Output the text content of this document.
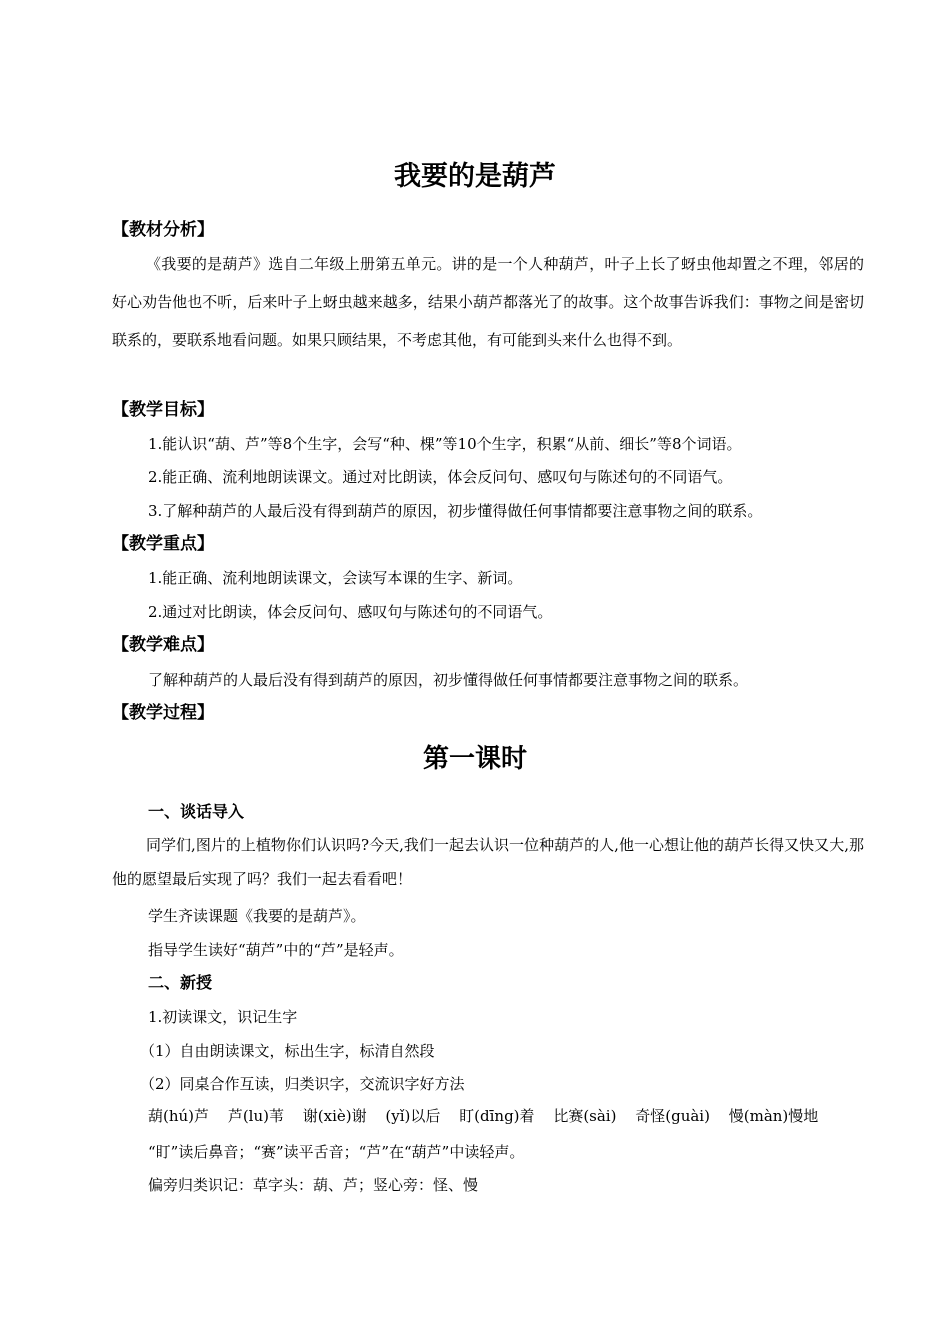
我要的是葫芦
【教材分析】
《我要的是葫芦》选自二年级上册第五单元。讲的是一个人种葫芦，叶子上长了蚜虫他却置之不理，邻居的好心劝告他也不听，后来叶子上蚜虫越来越多，结果小葫芦都落光了的故事。这个故事告诉我们：事物之间是密切联系的，要联系地看问题。如果只顾结果，不考虑其他，有可能到头来什么也得不到。
【教学目标】
1.能认识“葫、芦”等8个生字，会写“种、棵”等10个生字，积累“从前、细长”等8个词语。
2.能正确、流利地朗读课文。通过对比朗读，体会反问句、感叹句与陈述句的不同语气。
3.了解种葫芦的人最后没有得到葫芦的原因，初步懂得做任何事情都要注意事物之间的联系。
【教学重点】
1.能正确、流利地朗读课文，会读写本课的生字、新词。
2.通过对比朗读，体会反问句、感叹句与陈述句的不同语气。
【教学难点】
了解种葫芦的人最后没有得到葫芦的原因，初步懂得做任何事情都要注意事物之间的联系。
【教学过程】
第一课时
一、谈话导入
同学们,图片的上植物你们认识吗?今天,我们一起去认识一位种葫芦的人,他一心想让他的葫芦长得又快又大,那他的愿望最后实现了吗？我们一起去看看吧！
学生齐读课题《我要的是葫芦》。
指导学生读好“葫芦”中的“芦”是轻声。
二、新授
1.初读课文，识记生字
（1）自由朗读课文，标出生字，标清自然段
（2）同桌合作互读，归类识字，交流识字好方法
葫(hú)芦 芦(lu)苇 谢(xiè)谢 (yǐ)以后 盯(dīng)着 比赛(sài) 奇怪(guài) 慢(màn)慢地
“盯”读后鼻音；“赛”读平舌音；“芦”在“葫芦”中读轻声。
偏旁归类识记：草字头：葫、芦；竖心旁：怪、慢
